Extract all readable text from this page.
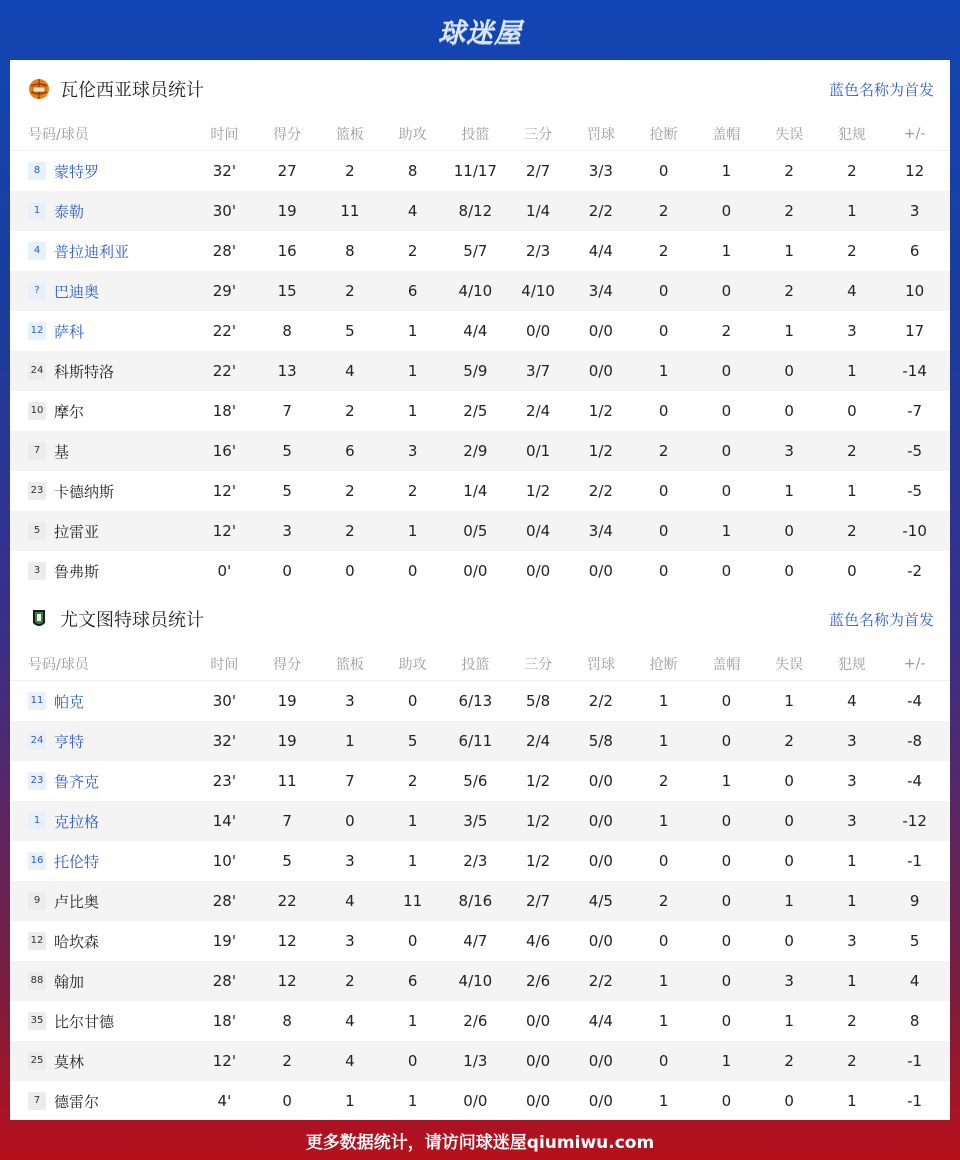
球迷屋
瓦伦西亚球员统计	蓝色名称为首发
号码/球员	时间	得分	篮板	助攻	投篮	三分	罚球	抢断	盖帽	失误	犯规	+/-
8 蒙特罗	32'	27	2	8	11/17	2/7	3/3	0	1	2	2	12
1 泰勒	30'	19	11	4	8/12	1/4	2/2	2	0	2	1	3
4 普拉迪利亚	28'	16	8	2	5/7	2/3	4/4	2	1	1	2	6
? 巴迪奥	29'	15	2	6	4/10	4/10	3/4	0	0	2	4	10
12 萨科	22'	8	5	1	4/4	0/0	0/0	0	2	1	3	17
24 科斯特洛	22'	13	4	1	5/9	3/7	0/0	1	0	0	1	-14
10 摩尔	18'	7	2	1	2/5	2/4	1/2	0	0	0	0	-7
7 基	16'	5	6	3	2/9	0/1	1/2	2	0	3	2	-5
23 卡德纳斯	12'	5	2	2	1/4	1/2	2/2	0	0	1	1	-5
5 拉雷亚	12'	3	2	1	0/5	0/4	3/4	0	1	0	2	-10
3 鲁弗斯	0'	0	0	0	0/0	0/0	0/0	0	0	0	0	-2
尤文图特球员统计	蓝色名称为首发
号码/球员	时间	得分	篮板	助攻	投篮	三分	罚球	抢断	盖帽	失误	犯规	+/-
11 帕克	30'	19	3	0	6/13	5/8	2/2	1	0	1	4	-4
24 亨特	32'	19	1	5	6/11	2/4	5/8	1	0	2	3	-8
23 鲁齐克	23'	11	7	2	5/6	1/2	0/0	2	1	0	3	-4
1 克拉格	14'	7	0	1	3/5	1/2	0/0	1	0	0	3	-12
16 托伦特	10'	5	3	1	2/3	1/2	0/0	0	0	0	1	-1
9 卢比奥	28'	22	4	11	8/16	2/7	4/5	2	0	1	1	9
12 哈坎森	19'	12	3	0	4/7	4/6	0/0	0	0	0	3	5
88 翰加	28'	12	2	6	4/10	2/6	2/2	1	0	3	1	4
35 比尔甘德	18'	8	4	1	2/6	0/0	4/4	1	0	1	2	8
25 莫林	12'	2	4	0	1/3	0/0	0/0	0	1	2	2	-1
7 德雷尔	4'	0	1	1	0/0	0/0	0/0	1	0	0	1	-1
更多数据统计，请访问球迷屋qiumiwu.com
